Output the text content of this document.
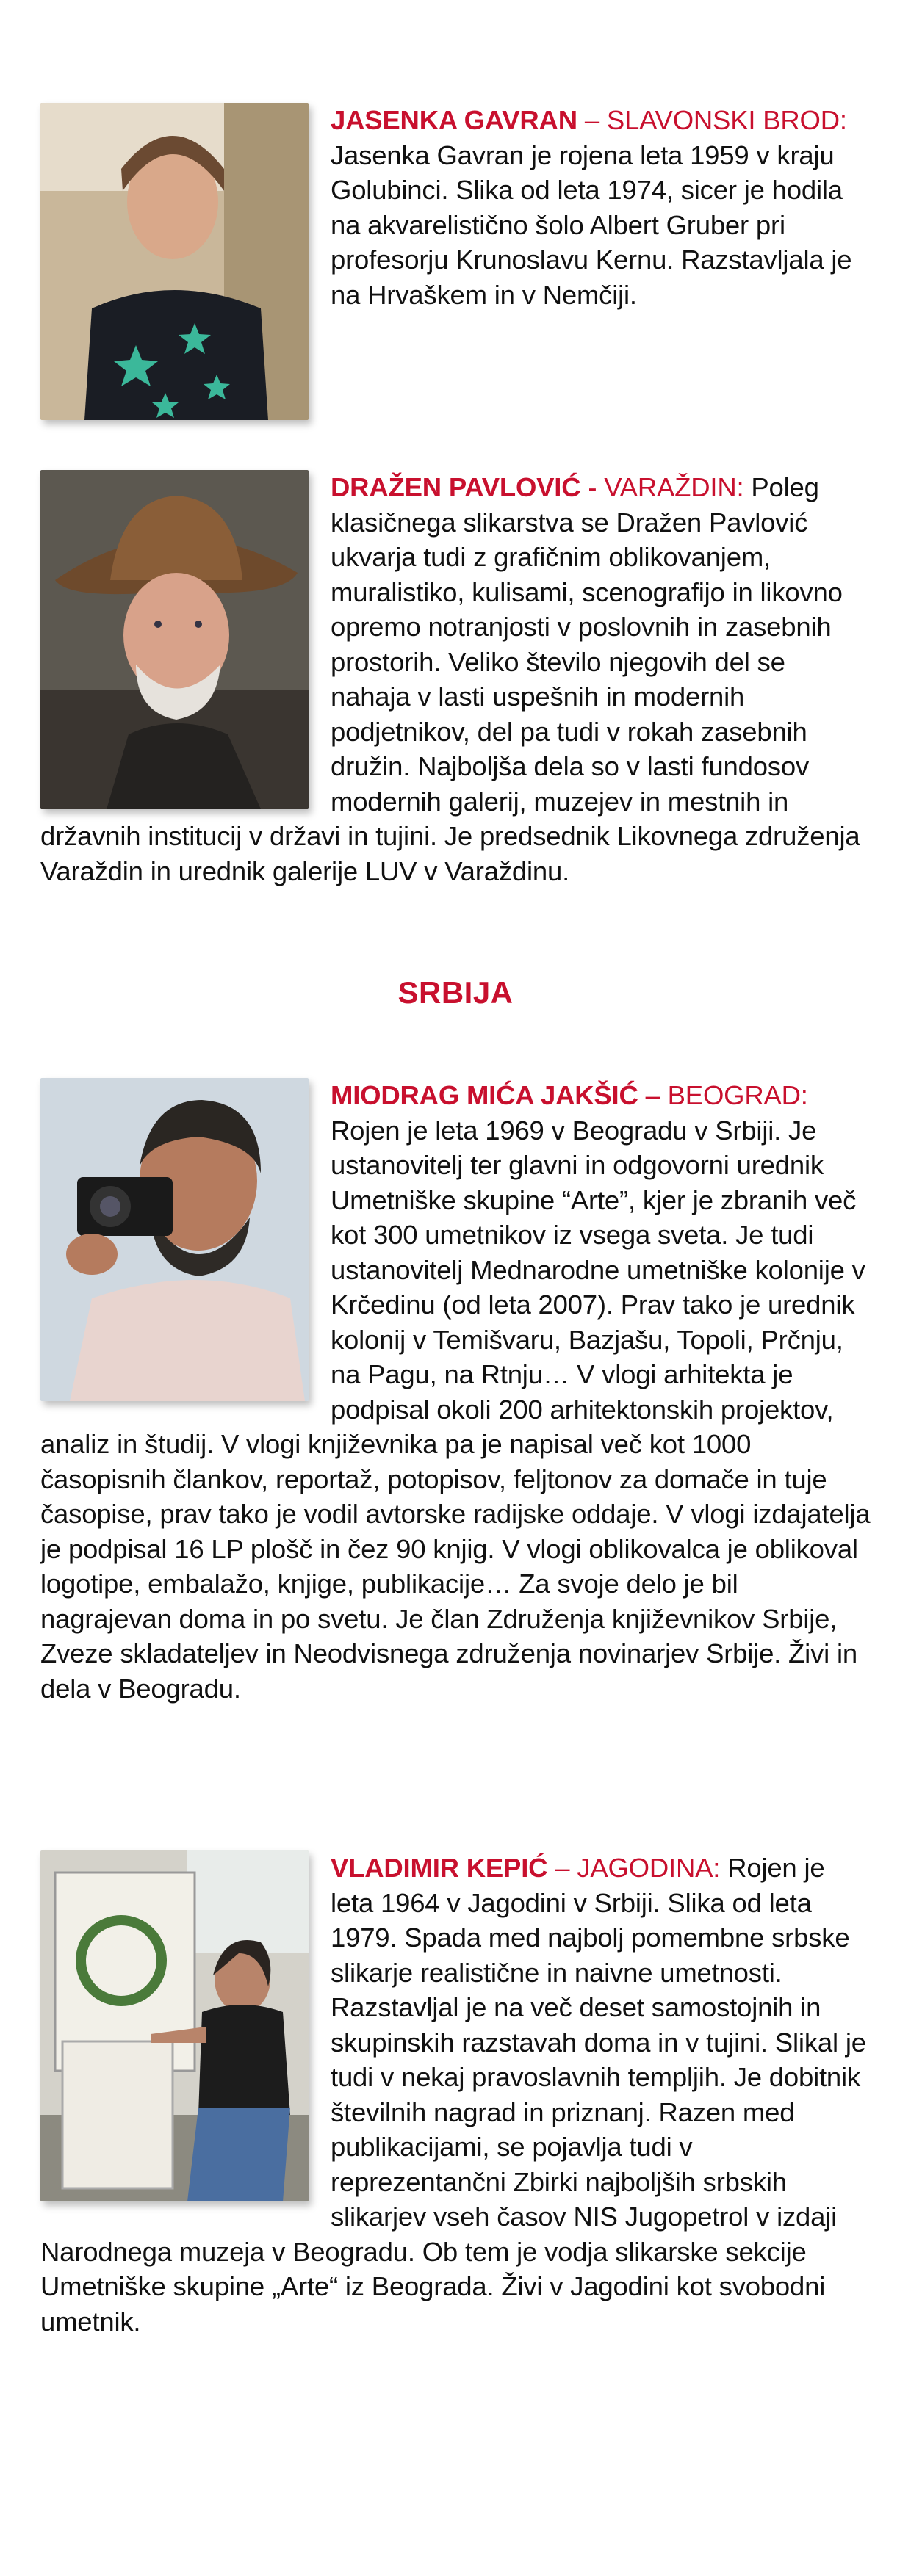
JASENKA GAVRAN – SLAVONSKI BROD: Jasenka Gavran je rojena leta 1959 v kraju Golubinci. Slika od leta 1974, sicer je hodila na akvarelistično šolo Albert Gruber pri profesorju Krunoslavu Kernu. Razstavljala je na Hrvaškem in v Nemčiji.

DRAŽEN PAVLOVIĆ - VARAŽDIN: Poleg klasičnega slikarstva se Dražen Pavlović ukvarja tudi z grafičnim oblikovanjem, muralistiko, kulisami, scenografijo in likovno opremo notranjosti v poslovnih in zasebnih prostorih. Veliko število njegovih del se nahaja v lasti uspešnih in modernih podjetnikov, del pa tudi v rokah zasebnih družin. Najboljša dela so v lasti fundosov modernih galerij, muzejev in mestnih in državnih institucij v državi in tujini. Je predsednik Likovnega združenja Varaždin in urednik galerije LUV v Varaždinu.

SRBIJA

MIODRAG MIĆA JAKŠIĆ – BEOGRAD: Rojen je leta 1969 v Beogradu v Srbiji. Je ustanovitelj ter glavni in odgovorni urednik Umetniške skupine “Arte”, kjer je zbranih več kot 300 umetnikov iz vsega sveta. Je tudi ustanovitelj Mednarodne umetniške kolonije v Krčedinu (od leta 2007). Prav tako je urednik kolonij v Temišvaru, Bazjašu, Topoli, Prčnju, na Pagu, na Rtnju… V vlogi arhitekta je podpisal okoli 200 arhitektonskih projektov, analiz in študij. V vlogi književnika pa je napisal več kot 1000 časopisnih člankov, reportaž, potopisov, feljtonov za domače in tuje časopise, prav tako je vodil avtorske radijske oddaje. V vlogi izdajatelja je podpisal 16 LP plošč in čez 90 knjig. V vlogi oblikovalca je oblikoval logotipe, embalažo, knjige, publikacije… Za svoje delo je bil nagrajevan doma in po svetu. Je član Združenja književnikov Srbije, Zveze skladateljev in Neodvisnega združenja novinarjev Srbije. Živi in dela v Beogradu.

VLADIMIR KEPIĆ – JAGODINA: Rojen je leta 1964 v Jagodini v Srbiji. Slika od leta 1979. Spada med najbolj pomembne srbske slikarje realistične in naivne umetnosti. Razstavljal je na več deset samostojnih in skupinskih razstavah doma in v tujini. Slikal je tudi v nekaj pravoslavnih templjih. Je dobitnik številnih nagrad in priznanj. Razen med publikacijami, se pojavlja tudi v reprezentančni Zbirki najboljših srbskih slikarjev vseh časov NIS Jugopetrol v izdaji Narodnega muzeja v Beogradu. Ob tem je vodja slikarske sekcije Umetniške skupine „Arte“ iz Beograda. Živi v Jagodini kot svobodni umetnik.
